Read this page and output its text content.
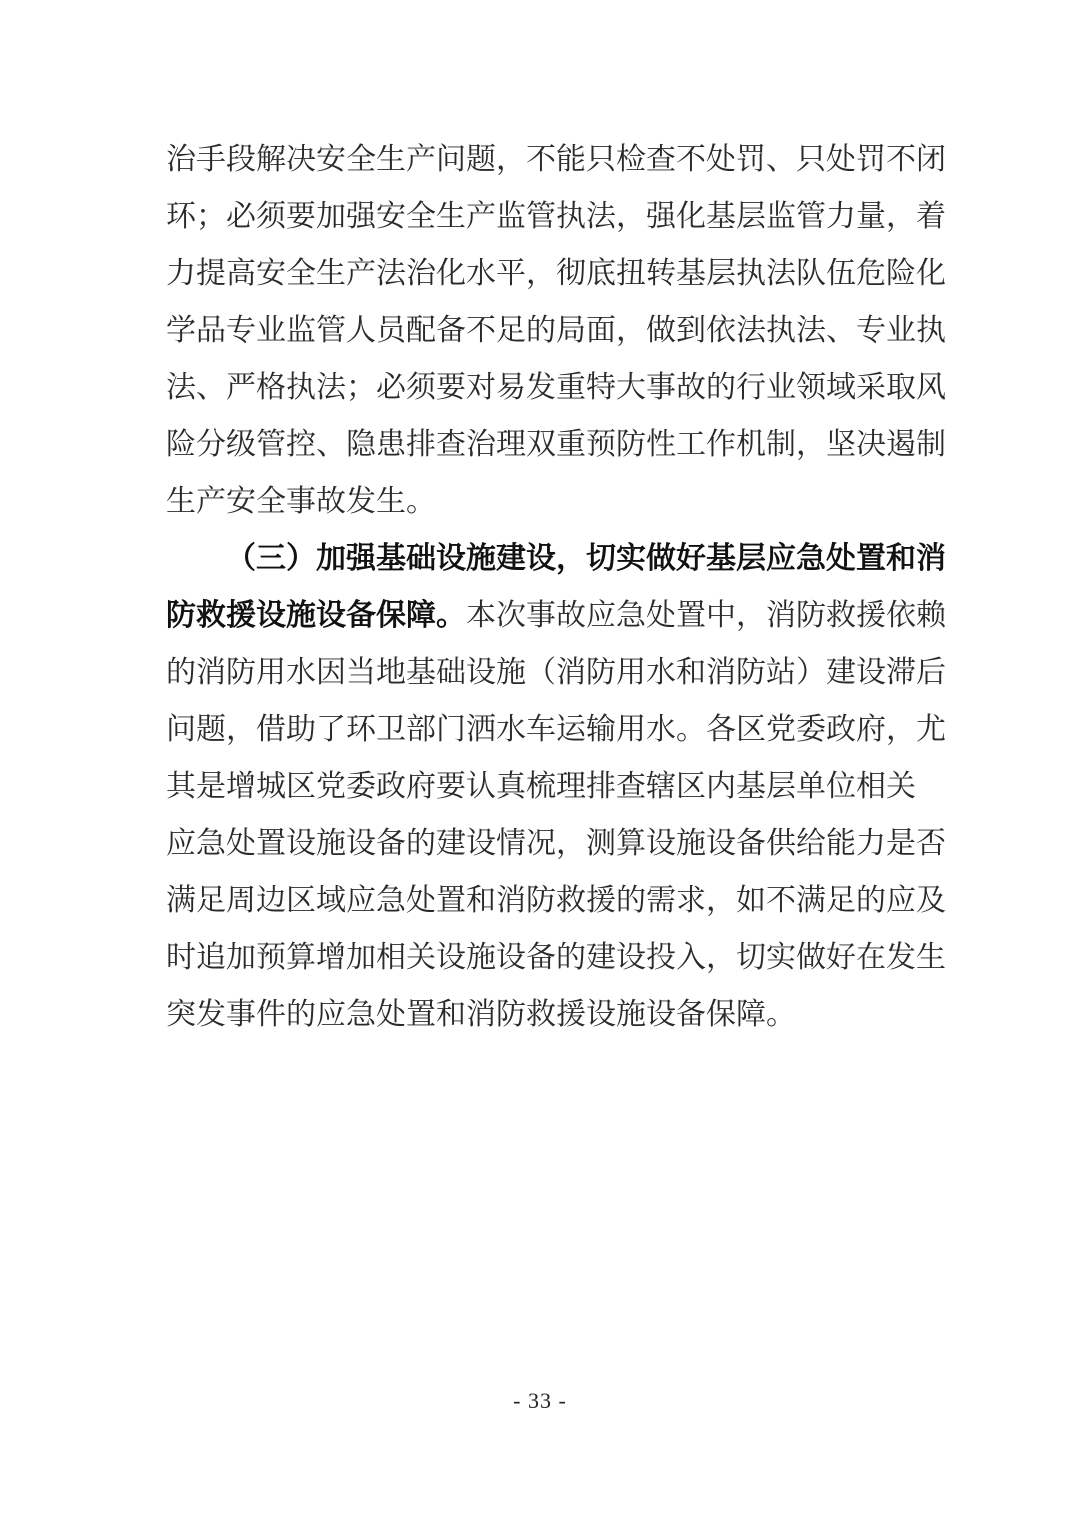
治手段解决安全生产问题，不能只检查不处罚、只处罚不闭
环；必须要加强安全生产监管执法，强化基层监管力量，着
力提高安全生产法治化水平，彻底扭转基层执法队伍危险化
学品专业监管人员配备不足的局面，做到依法执法、专业执
法、严格执法；必须要对易发重特大事故的行业领域采取风
险分级管控、隐患排查治理双重预防性工作机制，坚决遏制
生产安全事故发生。
（三）加强基础设施建设，切实做好基层应急处置和消
防救援设施设备保障。本次事故应急处置中，消防救援依赖
的消防用水因当地基础设施（消防用水和消防站）建设滞后
问题，借助了环卫部门洒水车运输用水。各区党委政府，尤
其是增城区党委政府要认真梳理排查辖区内基层单位相关
应急处置设施设备的建设情况，测算设施设备供给能力是否
满足周边区域应急处置和消防救援的需求，如不满足的应及
时追加预算增加相关设施设备的建设投入，切实做好在发生
突发事件的应急处置和消防救援设施设备保障。
- 33 -
